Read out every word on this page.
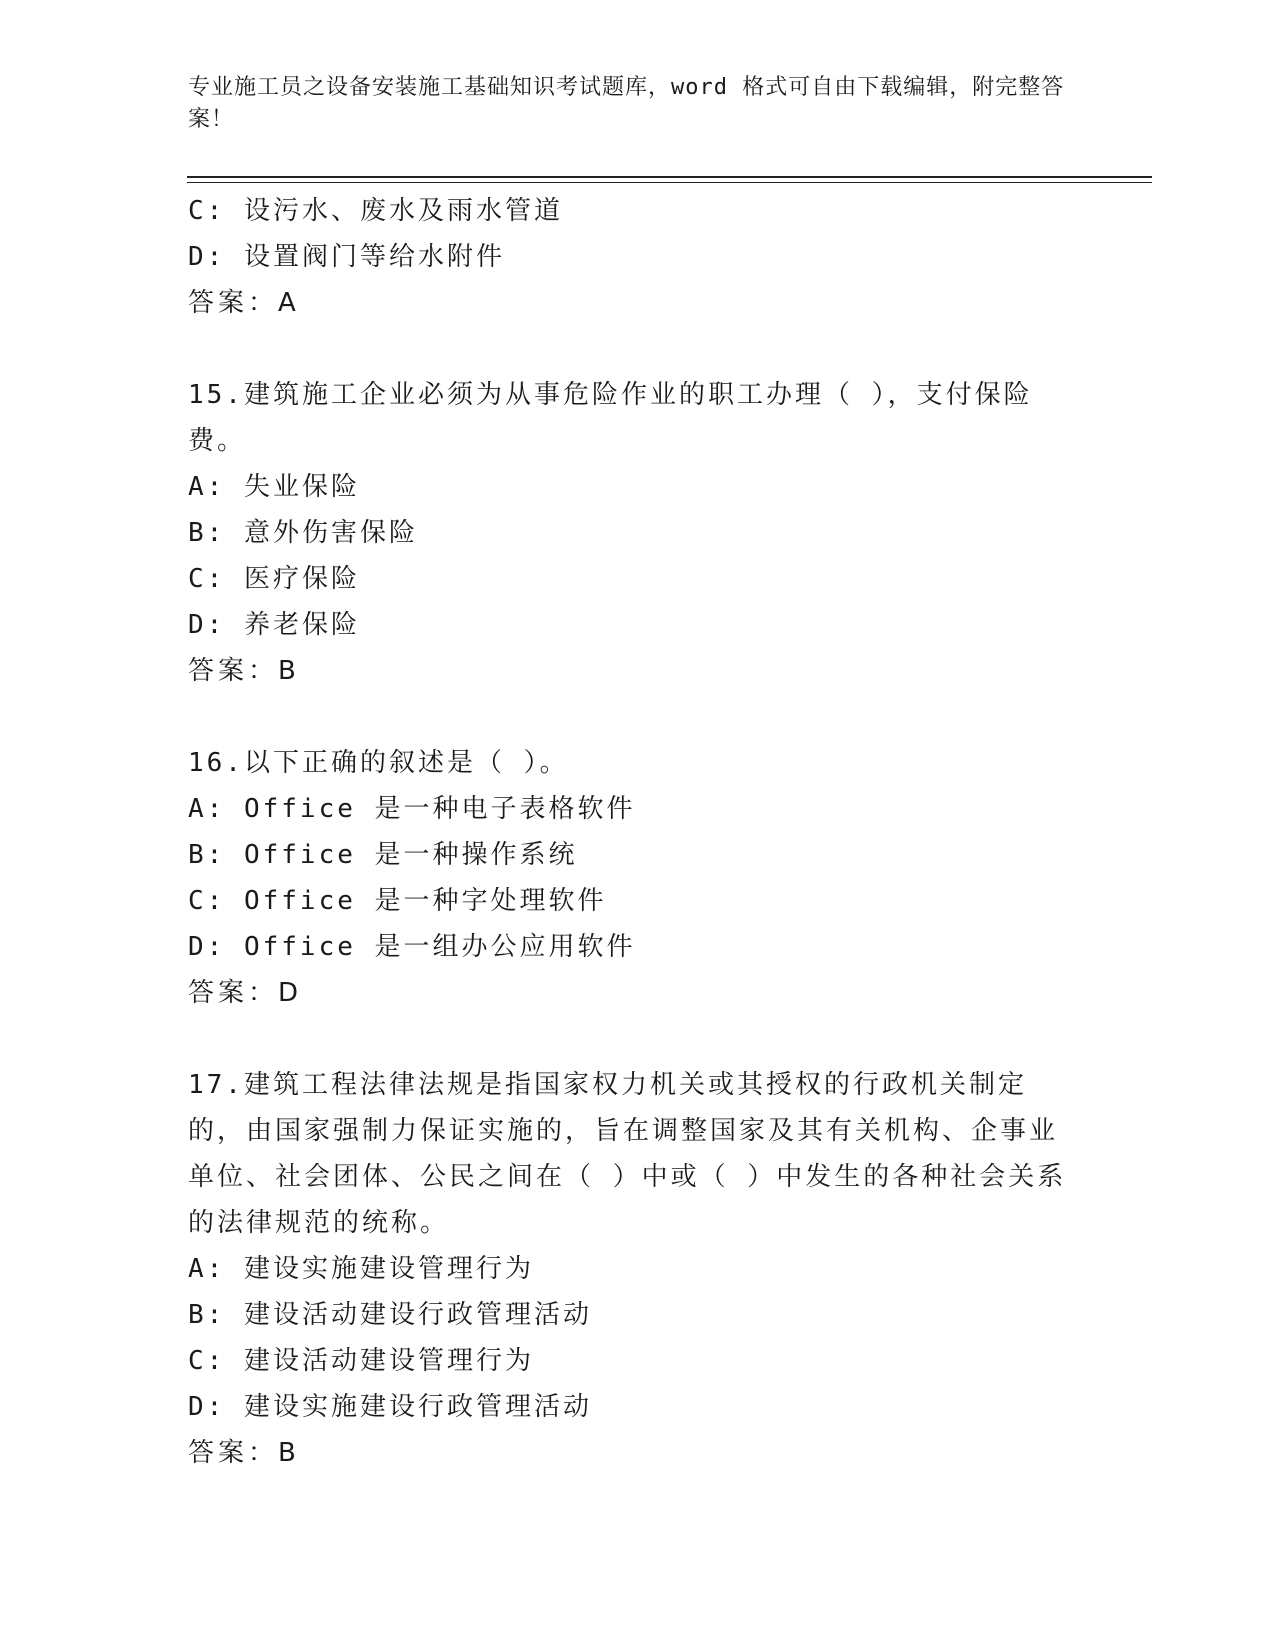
专业施工员之设备安装施工基础知识考试题库，word 格式可自由下载编辑，附完整答案！
C: 设污水、废水及雨水管道
D: 设置阀门等给水附件
答案：A
15.建筑施工企业必须为从事危险作业的职工办理（ ），支付保险费。
A: 失业保险
B: 意外伤害保险
C: 医疗保险
D: 养老保险
答案：B
16.以下正确的叙述是（ ）。
A: Office 是一种电子表格软件
B: Office 是一种操作系统
C: Office 是一种字处理软件
D: Office 是一组办公应用软件
答案：D
17.建筑工程法律法规是指国家权力机关或其授权的行政机关制定的，由国家强制力保证实施的，旨在调整国家及其有关机构、企事业单位、社会团体、公民之间在（ ）中或（ ）中发生的各种社会关系的法律规范的统称。
A: 建设实施建设管理行为
B: 建设活动建设行政管理活动
C: 建设活动建设管理行为
D: 建设实施建设行政管理活动
答案：B
